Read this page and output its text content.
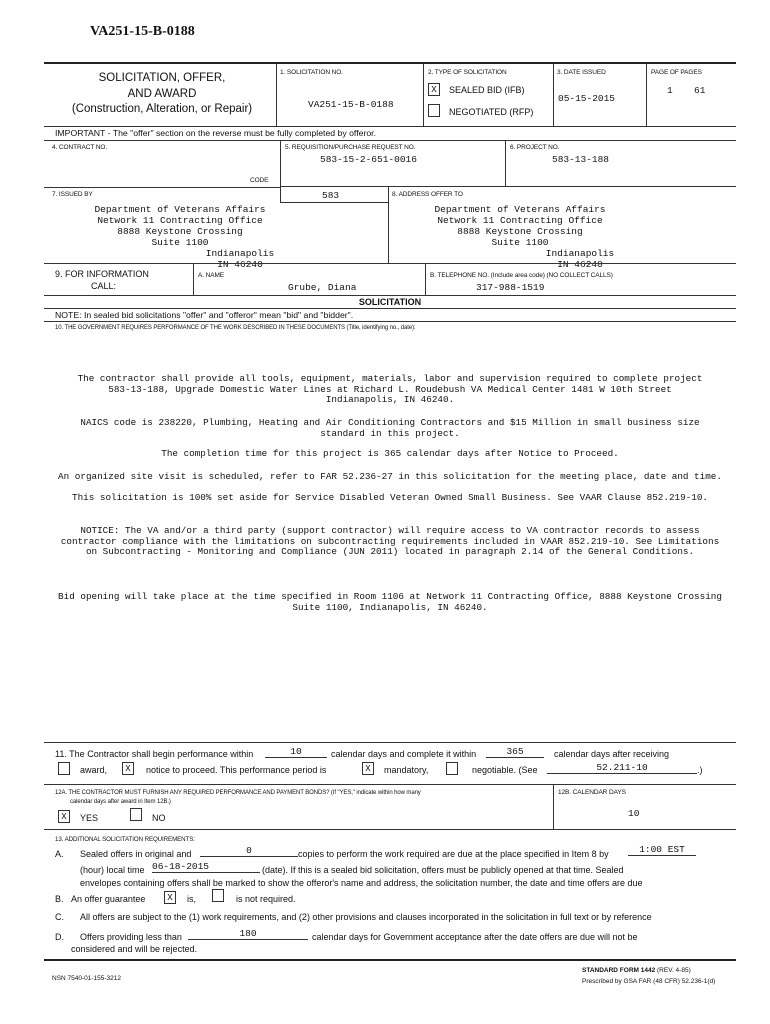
VA251-15-B-0188
SOLICITATION, OFFER,
AND AWARD
(Construction, Alteration, or Repair)
1. SOLICITATION NO.
VA251-15-B-0188
2. TYPE OF SOLICITATION
X	SEALED BID (IFB)
NEGOTIATED (RFP)
3. DATE ISSUED
05-15-2015
PAGE OF PAGES
1 61
IMPORTANT - The "offer" section on the reverse must be fully completed by offeror.
4. CONTRACT NO.	5. REQUISITION/PURCHASE REQUEST NO.
583-15-2-651-0016
6. PROJECT NO.
583-13-188
CODE
7. ISSUED BY	583	8. ADDRESS OFFER TO
Department of Veterans Affairs
Network 11 Contracting Office
8888 Keystone Crossing
Suite 1100
Indianapolis IN 46240
Department of Veterans Affairs
Network 11 Contracting Office
8888 Keystone Crossing
Suite 1100
Indianapolis IN 46240
9. FOR INFORMATION
CALL:
A. NAME
Grube, Diana
B. TELEPHONE NO. (Include area code) (NO COLLECT CALLS)
317-988-1519
SOLICITATION
NOTE: In sealed bid solicitations "offer" and "offeror" mean "bid" and "bidder".
10. THE GOVERNMENT REQUIRES PERFORMANCE OF THE WORK DESCRIBED IN THESE DOCUMENTS (Title, identifying no., date):
The contractor shall provide all tools, equipment, materials, labor and supervision required to complete project
583-13-188, Upgrade Domestic Water Lines at Richard L. Roudebush VA Medical Center 1481 W 10th Street
Indianapolis, IN 46240.
NAICS code is 238220, Plumbing, Heating and Air Conditioning Contractors and $15 Million in small business size
standard in this project.
The completion time for this project is 365 calendar days after Notice to Proceed.
An organized site visit is scheduled, refer to FAR 52.236-27 in this solicitation for the meeting place, date and time.
This solicitation is 100% set aside for Service Disabled Veteran Owned Small Business. See VAAR Clause 852.219-10.
NOTICE: The VA and/or a third party (support contractor) will require access to VA contractor records to assess
contractor compliance with the limitations on subcontracting requirements included in VAAR 852.219-10. See Limitations
on Subcontracting - Monitoring and Compliance (JUN 2011) located in paragraph 2.14 of the General Conditions.
Bid opening will take place at the time specified in Room 1106 at Network 11 Contracting Office, 8888 Keystone Crossing
Suite 1100, Indianapolis, IN 46240.
11. The Contractor shall begin performance within	10	calendar days and complete it within	365	calendar days after receiving
award,	X	notice to proceed. This performance period is	X	mandatory,	negotiable. (See	52.211-10	.)
12A. THE CONTRACTOR MUST FURNISH ANY REQUIRED PERFORMANCE AND PAYMENT BONDS? (If "YES," indicate within how many
calendar days after award in Item 12B.)
X	YES	NO
12B. CALENDAR DAYS
10
13. ADDITIONAL SOLICITATION REQUIREMENTS:
A. Sealed offers in original and	0	copies to perform the work required are due at the place specified in Item 8 by	1:00 EST
(hour) local time 06-18-2015	(date). If this is a sealed bid solicitation, offers must be publicly opened at that time. Sealed
envelopes containing offers shall be marked to show the offeror's name and address, the solicitation number, the date and time offers are due
B. An offer guarantee	X	is,	is not required.
C. All offers are subject to the (1) work requirements, and (2) other provisions and clauses incorporated in the solicitation in full text or by reference
D. Offers providing less than	180	calendar days for Government acceptance after the date offers are due will not be
considered and will be rejected.
NSN 7540-01-155-3212
STANDARD FORM 1442 (REV. 4-85)
Prescribed by GSA FAR (48 CFR) 52.236-1(d)
